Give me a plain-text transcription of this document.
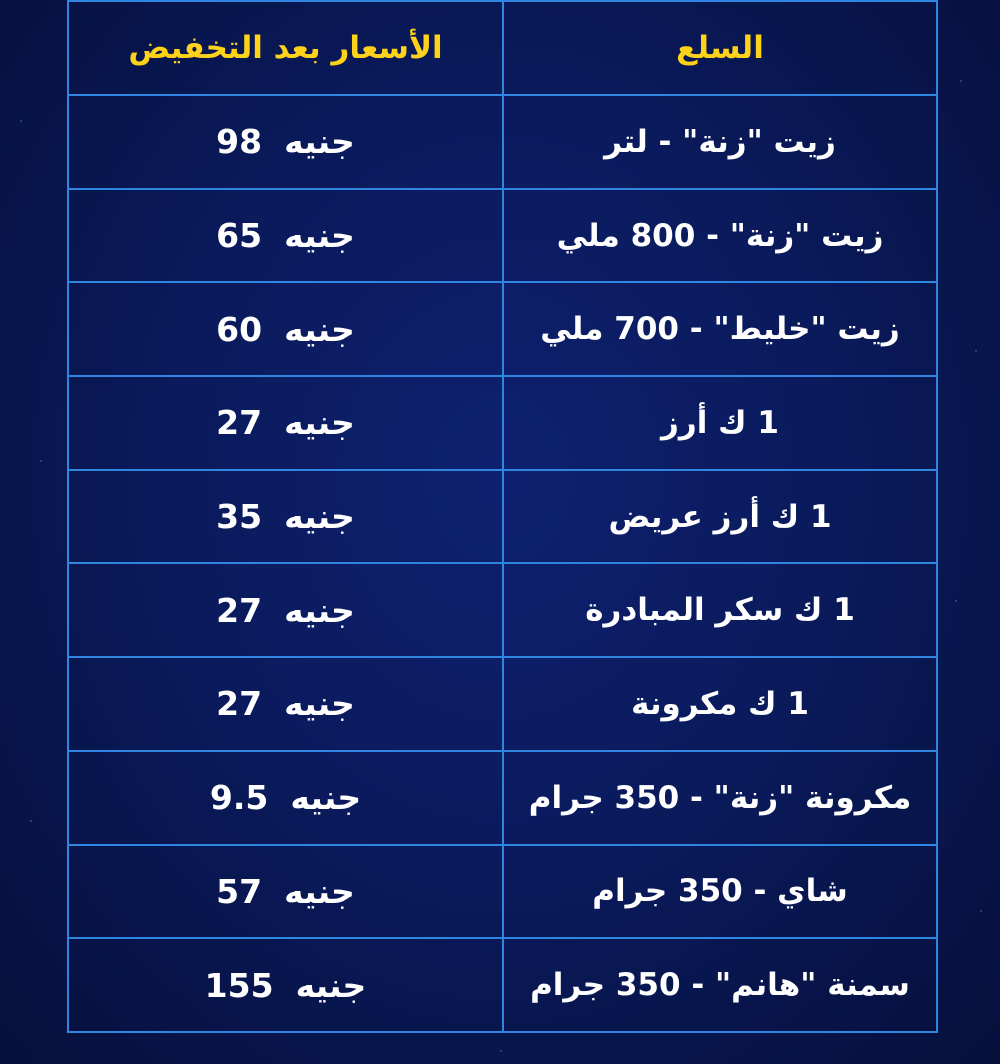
الأسعار بعد التخفيض	السلع
98 جنيه	زيت "زنة" - لتر
65 جنيه	زيت "زنة" - 800 ملي
60 جنيه	زيت "خليط" - 700 ملي
27 جنيه	1 ك أرز
35 جنيه	1 ك أرز عريض
27 جنيه	1 ك سكر المبادرة
27 جنيه	1 ك مكرونة
9.5 جنيه	مكرونة "زنة" - 350 جرام
57 جنيه	شاي - 350 جرام
155 جنيه	سمنة "هانم" - 350 جرام
